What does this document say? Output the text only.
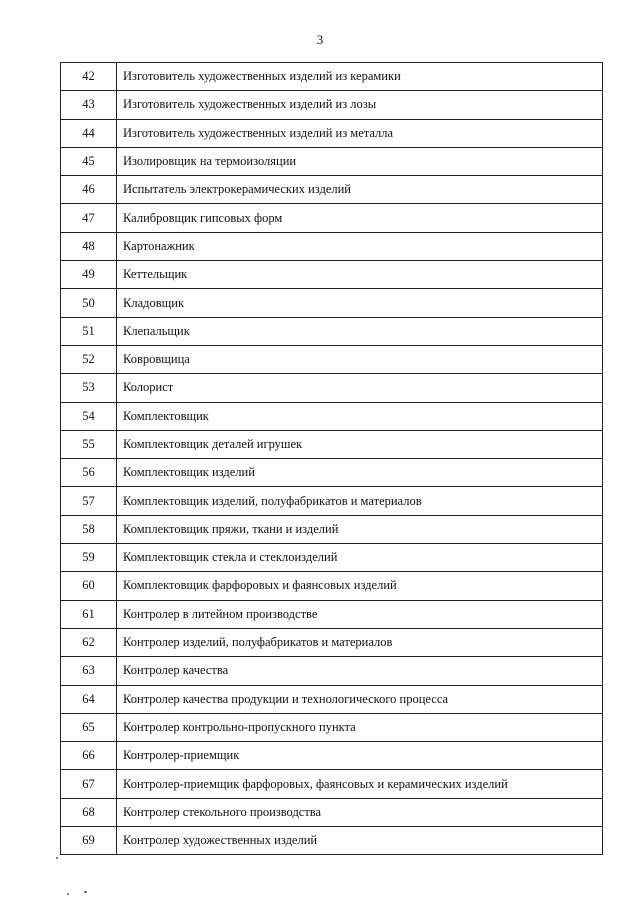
3
42	Изготовитель художественных изделий из керамики
43	Изготовитель художественных изделий из лозы
44	Изготовитель художественных изделий из металла
45	Изолировщик на термоизоляции
46	Испытатель электрокерамических изделий
47	Калибровщик гипсовых форм
48	Картонажник
49	Кеттельщик
50	Кладовщик
51	Клепальщик
52	Ковровщица
53	Колорист
54	Комплектовщик
55	Комплектовщик деталей игрушек
56	Комплектовщик изделий
57	Комплектовщик изделий, полуфабрикатов и материалов
58	Комплектовщик пряжи, ткани и изделий
59	Комплектовщик стекла и стеклоизделий
60	Комплектовщик фарфоровых и фаянсовых изделий
61	Контролер в литейном производстве
62	Контролер изделий, полуфабрикатов и материалов
63	Контролер качества
64	Контролер качества продукции и технологического процесса
65	Контролер контрольно-пропускного пункта
66	Контролер-приемщик
67	Контролер-приемщик фарфоровых, фаянсовых и керамических изделий
68	Контролер стекольного производства
69	Контролер художественных изделий
